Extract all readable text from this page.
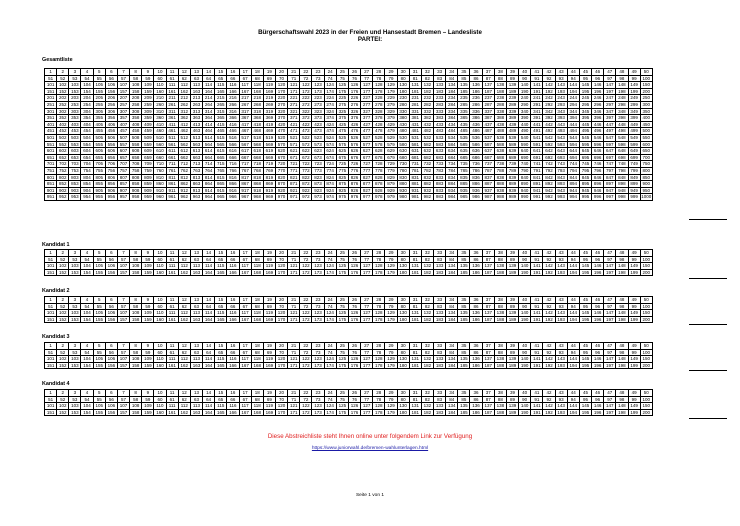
Bürgerschaftswahl 2023 in der Freien und Hansestadt Bremen – Landesliste
PARTEI:
Gesamtliste
1	2	3	4	5	6	7	8	9	10	11	12	13	14	15	16	17	18	19	20	21	22	23	24	25	26	27	28	29	30	31	32	33	34	35	36	37	38	39	40	41	42	43	44	45	46	47	48	49	50
51	52	53	54	55	56	57	58	59	60	61	62	63	64	65	66	67	68	69	70	71	72	73	74	75	76	77	78	79	80	81	82	83	84	85	86	87	88	89	90	91	92	93	94	95	96	97	98	99	100
101	102	103	104	105	106	107	108	109	110	111	112	113	114	115	116	117	118	119	120	121	122	123	124	125	126	127	128	129	130	131	132	133	134	135	136	137	138	139	140	141	142	143	144	145	146	147	148	149	150
151	152	153	154	155	156	157	158	159	160	161	162	163	164	165	166	167	168	169	170	171	172	173	174	175	176	177	178	179	180	181	182	183	184	185	186	187	188	189	190	191	192	193	194	195	196	197	198	199	200
201	202	203	204	205	206	207	208	209	210	211	212	213	214	215	216	217	218	219	220	221	222	223	224	225	226	227	228	229	230	231	232	233	234	235	236	237	238	239	240	241	242	243	244	245	246	247	248	249	250
251	252	253	254	255	256	257	258	259	260	261	262	263	264	265	266	267	268	269	270	271	272	273	274	275	276	277	278	279	280	281	282	283	284	285	286	287	288	289	290	291	292	293	294	295	296	297	298	299	300
301	302	303	304	305	306	307	308	309	310	311	312	313	314	315	316	317	318	319	320	321	322	323	324	325	326	327	328	329	330	331	332	333	334	335	336	337	338	339	340	341	342	343	344	345	346	347	348	349	350
351	352	353	354	355	356	357	358	359	360	361	362	363	364	365	366	367	368	369	370	371	372	373	374	375	376	377	378	379	380	381	382	383	384	385	386	387	388	389	390	391	392	393	394	395	396	397	398	399	400
401	402	403	404	405	406	407	408	409	410	411	412	413	414	415	416	417	418	419	420	421	422	423	424	425	426	427	428	429	430	431	432	433	434	435	436	437	438	439	440	441	442	443	444	445	446	447	448	449	450
451	452	453	454	455	456	457	458	459	460	461	462	463	464	465	466	467	468	469	470	471	472	473	474	475	476	477	478	479	480	481	482	483	484	485	486	487	488	489	490	491	492	493	494	495	496	497	498	499	500
501	502	503	504	505	506	507	508	509	510	511	512	513	514	515	516	517	518	519	520	521	522	523	524	525	526	527	528	529	530	531	532	533	534	535	536	537	538	539	540	541	542	543	544	545	546	547	548	549	550
551	552	553	554	555	556	557	558	559	560	561	562	563	564	565	566	567	568	569	570	571	572	573	574	575	576	577	578	579	580	581	582	583	584	585	586	587	588	589	590	591	592	593	594	595	596	597	598	599	600
601	602	603	604	605	606	607	608	609	610	611	612	613	614	615	616	617	618	619	620	621	622	623	624	625	626	627	628	629	630	631	632	633	634	635	636	637	638	639	640	641	642	643	644	645	646	647	648	649	650
651	652	653	654	655	656	657	658	659	660	661	662	663	664	665	666	667	668	669	670	671	672	673	674	675	676	677	678	679	680	681	682	683	684	685	686	687	688	689	690	691	692	693	694	695	696	697	698	699	700
701	702	703	704	705	706	707	708	709	710	711	712	713	714	715	716	717	718	719	720	721	722	723	724	725	726	727	728	729	730	731	732	733	734	735	736	737	738	739	740	741	742	743	744	745	746	747	748	749	750
751	752	753	754	755	756	757	758	759	760	761	762	763	764	765	766	767	768	769	770	771	772	773	774	775	776	777	778	779	780	781	782	783	784	785	786	787	788	789	790	791	792	793	794	795	796	797	798	799	800
801	802	803	804	805	806	807	808	809	810	811	812	813	814	815	816	817	818	819	820	821	822	823	824	825	826	827	828	829	830	831	832	833	834	835	836	837	838	839	840	841	842	843	844	845	846	847	848	849	850
851	852	853	854	855	856	857	858	859	860	861	862	863	864	865	866	867	868	869	870	871	872	873	874	875	876	877	878	879	880	881	882	883	884	885	886	887	888	889	890	891	892	893	894	895	896	897	898	899	900
901	902	903	904	905	906	907	908	909	910	911	912	913	914	915	916	917	918	919	920	921	922	923	924	925	926	927	928	929	930	931	932	933	934	935	936	937	938	939	940	941	942	943	944	945	946	947	948	949	950
951	952	953	954	955	956	957	958	959	960	961	962	963	964	965	966	967	968	969	970	971	972	973	974	975	976	977	978	979	980	981	982	983	984	985	986	987	988	989	990	991	992	993	994	995	996	997	998	999	1000
Kandidat 1
1	2	3	4	5	6	7	8	9	10	11	12	13	14	15	16	17	18	19	20	21	22	23	24	25	26	27	28	29	30	31	32	33	34	35	36	37	38	39	40	41	42	43	44	45	46	47	48	49	50
51	52	53	54	55	56	57	58	59	60	61	62	63	64	65	66	67	68	69	70	71	72	73	74	75	76	77	78	79	80	81	82	83	84	85	86	87	88	89	90	91	92	93	94	95	96	97	98	99	100
101	102	103	104	105	106	107	108	109	110	111	112	113	114	115	116	117	118	119	120	121	122	123	124	125	126	127	128	129	130	131	132	133	134	135	136	137	138	139	140	141	142	143	144	145	146	147	148	149	150
151	152	153	154	155	156	157	158	159	160	161	162	163	164	165	166	167	168	169	170	171	172	173	174	175	176	177	178	179	180	181	182	183	184	185	186	187	188	189	190	191	192	193	194	195	196	197	198	199	200
Kandidat 2
1	2	3	4	5	6	7	8	9	10	11	12	13	14	15	16	17	18	19	20	21	22	23	24	25	26	27	28	29	30	31	32	33	34	35	36	37	38	39	40	41	42	43	44	45	46	47	48	49	50
51	52	53	54	55	56	57	58	59	60	61	62	63	64	65	66	67	68	69	70	71	72	73	74	75	76	77	78	79	80	81	82	83	84	85	86	87	88	89	90	91	92	93	94	95	96	97	98	99	100
101	102	103	104	105	106	107	108	109	110	111	112	113	114	115	116	117	118	119	120	121	122	123	124	125	126	127	128	129	130	131	132	133	134	135	136	137	138	139	140	141	142	143	144	145	146	147	148	149	150
151	152	153	154	155	156	157	158	159	160	161	162	163	164	165	166	167	168	169	170	171	172	173	174	175	176	177	178	179	180	181	182	183	184	185	186	187	188	189	190	191	192	193	194	195	196	197	198	199	200
Kandidat 3
1	2	3	4	5	6	7	8	9	10	11	12	13	14	15	16	17	18	19	20	21	22	23	24	25	26	27	28	29	30	31	32	33	34	35	36	37	38	39	40	41	42	43	44	45	46	47	48	49	50
51	52	53	54	55	56	57	58	59	60	61	62	63	64	65	66	67	68	69	70	71	72	73	74	75	76	77	78	79	80	81	82	83	84	85	86	87	88	89	90	91	92	93	94	95	96	97	98	99	100
101	102	103	104	105	106	107	108	109	110	111	112	113	114	115	116	117	118	119	120	121	122	123	124	125	126	127	128	129	130	131	132	133	134	135	136	137	138	139	140	141	142	143	144	145	146	147	148	149	150
151	152	153	154	155	156	157	158	159	160	161	162	163	164	165	166	167	168	169	170	171	172	173	174	175	176	177	178	179	180	181	182	183	184	185	186	187	188	189	190	191	192	193	194	195	196	197	198	199	200
Kandidat 4
1	2	3	4	5	6	7	8	9	10	11	12	13	14	15	16	17	18	19	20	21	22	23	24	25	26	27	28	29	30	31	32	33	34	35	36	37	38	39	40	41	42	43	44	45	46	47	48	49	50
51	52	53	54	55	56	57	58	59	60	61	62	63	64	65	66	67	68	69	70	71	72	73	74	75	76	77	78	79	80	81	82	83	84	85	86	87	88	89	90	91	92	93	94	95	96	97	98	99	100
101	102	103	104	105	106	107	108	109	110	111	112	113	114	115	116	117	118	119	120	121	122	123	124	125	126	127	128	129	130	131	132	133	134	135	136	137	138	139	140	141	142	143	144	145	146	147	148	149	150
151	152	153	154	155	156	157	158	159	160	161	162	163	164	165	166	167	168	169	170	171	172	173	174	175	176	177	178	179	180	181	182	183	184	185	186	187	188	189	190	191	192	193	194	195	196	197	198	199	200
Diese Abstreichliste steht Ihnen online unter folgendem Link zur Verfügung
https://www.juniorwahl.de/bremen-wahlunterlagen.html
Seite 1 von 1
